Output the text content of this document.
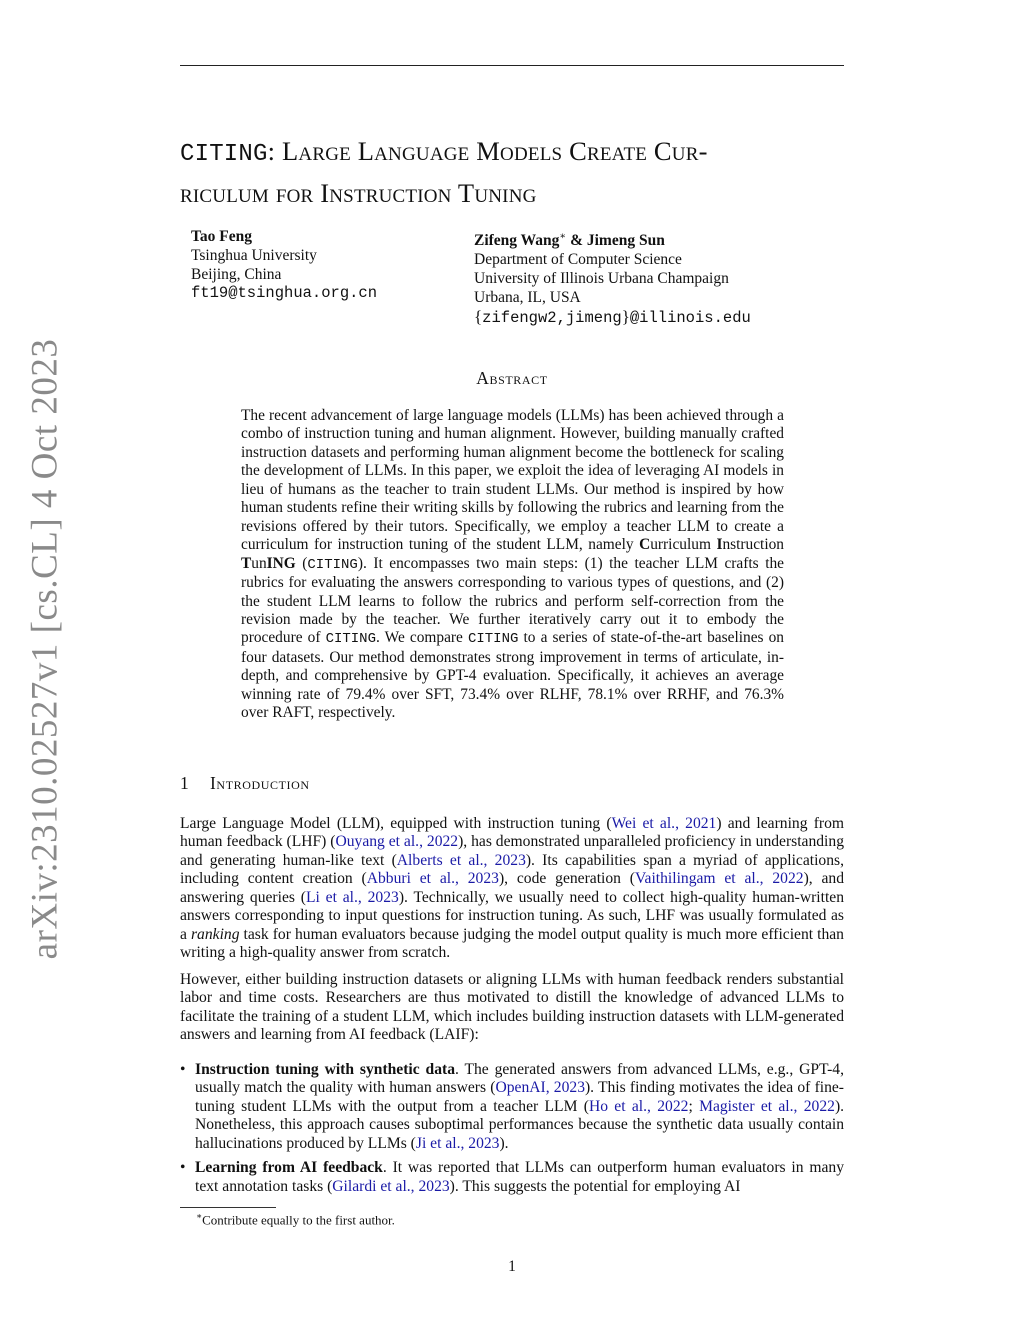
arXiv:2310.02527v1 [cs.CL] 4 Oct 2023
CITING: Large Language Models Create Cur-
riculum for Instruction Tuning
Tao Feng
Tsinghua University
Beijing, China
ft19@tsinghua.org.cn
Zifeng Wang∗ & Jimeng Sun
Department of Computer Science
University of Illinois Urbana Champaign
Urbana, IL, USA
{zifengw2,jimeng}@illinois.edu
Abstract

The recent advancement of large language models (LLMs) has been achieved through a combo of instruction tuning and human alignment. However, building manually crafted instruction datasets and performing human alignment become the bottleneck for scaling the development of LLMs. In this paper, we exploit the idea of leveraging AI models in lieu of humans as the teacher to train student LLMs. Our method is inspired by how human students refine their writing skills by following the rubrics and learning from the revisions offered by their tutors. Specifically, we employ a teacher LLM to create a curriculum for instruction tuning of the student LLM, namely Curriculum Instruction TunING (CITING). It encompasses two main steps: (1) the teacher LLM crafts the rubrics for evaluating the answers corresponding to various types of questions, and (2) the student LLM learns to follow the rubrics and perform self-correction from the revision made by the teacher. We further iteratively carry out it to embody the procedure of CITING. We compare CITING to a series of state-of-the-art baselines on four datasets. Our method demonstrates strong improvement in terms of articulate, in-depth, and comprehensive by GPT-4 evaluation. Specifically, it achieves an average winning rate of 79.4% over SFT, 73.4% over RLHF, 78.1% over RRHF, and 76.3% over RAFT, respectively.

1 Introduction

Large Language Model (LLM), equipped with instruction tuning (Wei et al., 2021) and learning from human feedback (LHF) (Ouyang et al., 2022), has demonstrated unparalleled proficiency in understanding and generating human-like text (Alberts et al., 2023). Its capabilities span a myriad of applications, including content creation (Abburi et al., 2023), code generation (Vaithilingam et al., 2022), and answering queries (Li et al., 2023). Technically, we usually need to collect high-quality human-written answers corresponding to input questions for instruction tuning. As such, LHF was usually formulated as a ranking task for human evaluators because judging the model output quality is much more efficient than writing a high-quality answer from scratch.

However, either building instruction datasets or aligning LLMs with human feedback renders substantial labor and time costs. Researchers are thus motivated to distill the knowledge of advanced LLMs to facilitate the training of a student LLM, which includes building instruction datasets with LLM-generated answers and learning from AI feedback (LAIF):

• Instruction tuning with synthetic data. The generated answers from advanced LLMs, e.g., GPT-4, usually match the quality with human answers (OpenAI, 2023). This finding motivates the idea of fine-tuning student LLMs with the output from a teacher LLM (Ho et al., 2022; Magister et al., 2022). Nonetheless, this approach causes suboptimal performances because the synthetic data usually contain hallucinations produced by LLMs (Ji et al., 2023).
• Learning from AI feedback. It was reported that LLMs can outperform human evaluators in many text annotation tasks (Gilardi et al., 2023). This suggests the potential for employing AI
∗Contribute equally to the first author.
1
